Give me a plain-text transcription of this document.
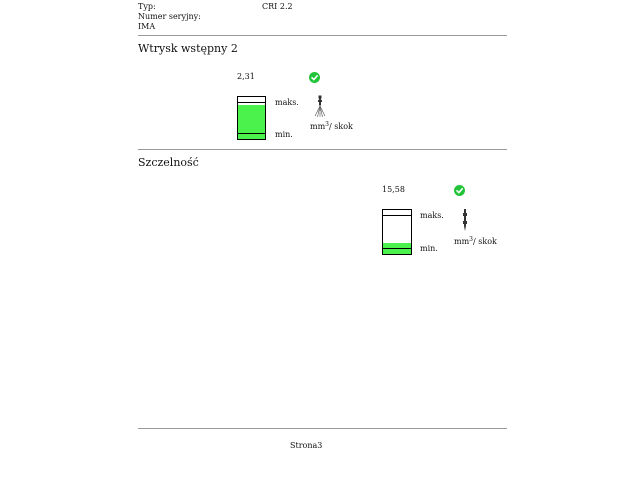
Typ:	CRI 2.2
Numer seryjny:
IMA
Wtrysk wstępny 2
2,31
maks.
min.
$mm^3/$ skok
Szczelność
15,58
maks.
min.
$mm^3/$ skok
Strona3
